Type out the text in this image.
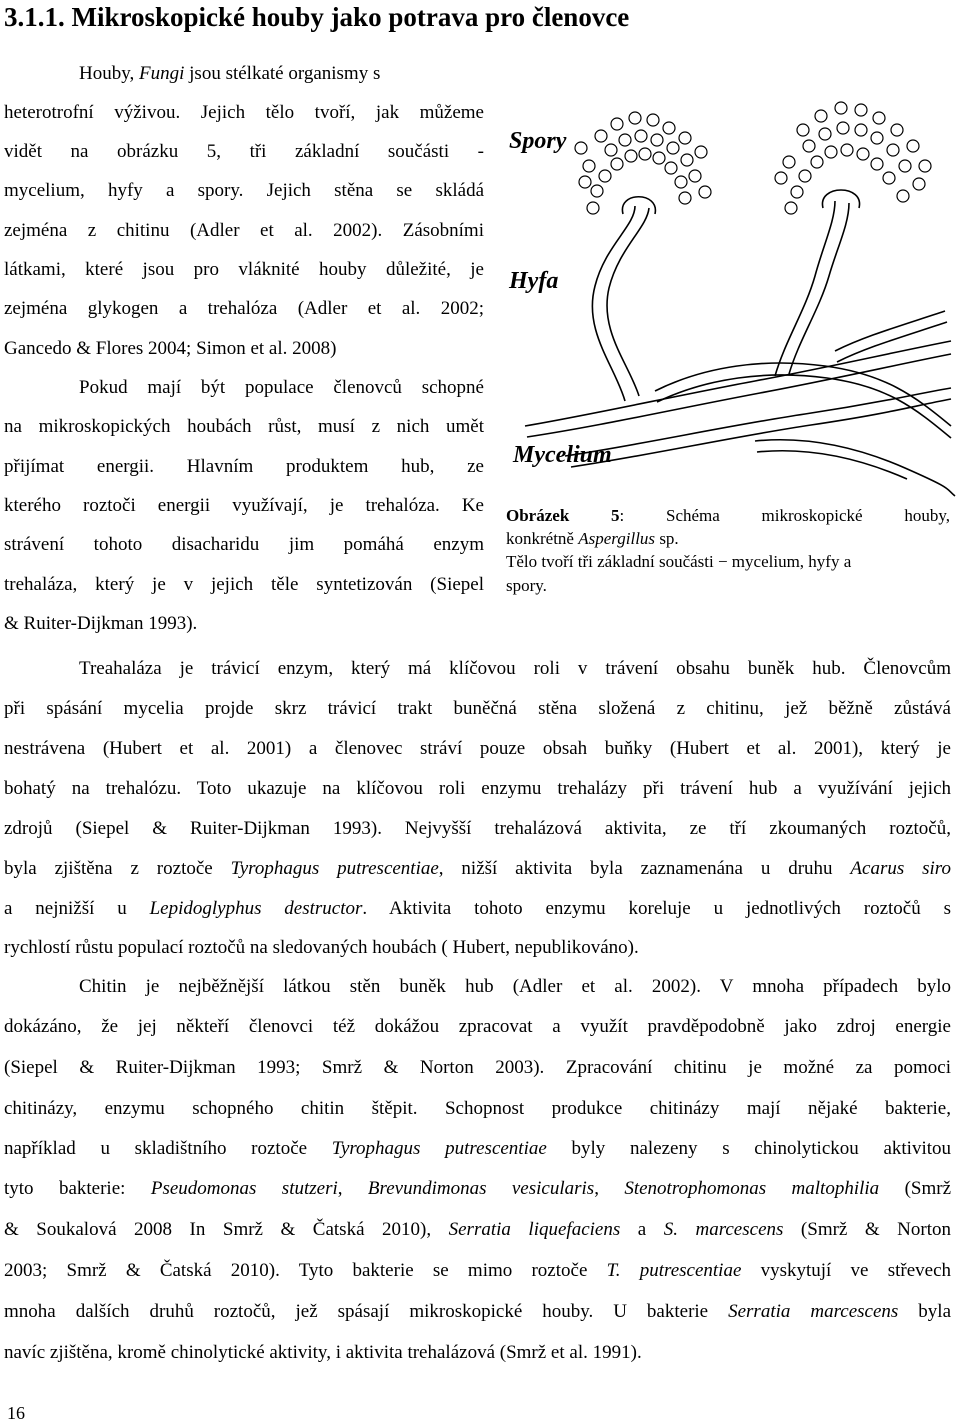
3.1.1. Mikroskopické houby jako potrava pro členovce

Houby, Fungi jsou stélkaté organismy s

heterotrofní výživou. Jejich tělo tvoří, jak můžeme

vidět na obrázku 5, tři základní součásti -

mycelium, hyfy a spory. Jejich stěna se skládá

zejména z chitinu (Adler et al. 2002). Zásobními

látkami, které jsou pro vláknité houby důležité, je

zejména glykogen a trehalóza (Adler et al. 2002;

Gancedo & Flores 2004; Simon et al. 2008)

Pokud mají být populace členovců schopné

na mikroskopických houbách růst, musí z nich umět

přijímat energii. Hlavním produktem hub, ze

kterého roztoči energii využívají, je trehalóza. Ke

strávení tohoto disacharidu jim pomáhá enzym

trehaláza, který je v jejich těle syntetizován (Siepel

& Ruiter-Dijkman 1993).

Spory
Hyfa
Mycelium

Obrázek 5: Schéma mikroskopické houby,

konkrétně Aspergillus sp.

Tělo tvoří tři základní součásti − mycelium, hyfy a

spory.

Treahaláza je trávicí enzym, který má klíčovou roli v trávení obsahu buněk hub. Členovcům

při spásání mycelia projde skrz trávicí trakt buněčná stěna složená z chitinu, jež běžně zůstává

nestrávena (Hubert et al. 2001) a členovec stráví pouze obsah buňky (Hubert et al. 2001), který je

bohatý na trehalózu. Toto ukazuje na klíčovou roli enzymu trehalázy při trávení hub a využívání jejich

zdrojů (Siepel & Ruiter-Dijkman 1993). Nejvyšší trehalázová aktivita, ze tří zkoumaných roztočů,

byla zjištěna z roztoče Tyrophagus putrescentiae, nižší aktivita byla zaznamenána u druhu Acarus siro

a nejnižší u Lepidoglyphus destructor. Aktivita tohoto enzymu koreluje u jednotlivých roztočů s

rychlostí růstu populací roztočů na sledovaných houbách ( Hubert, nepublikováno).

Chitin je nejběžnější látkou stěn buněk hub (Adler et al. 2002). V mnoha případech bylo

dokázáno, že jej někteří členovci též dokážou zpracovat a využít pravděpodobně jako zdroj energie

(Siepel & Ruiter-Dijkman 1993; Smrž & Norton 2003). Zpracování chitinu je možné za pomoci

chitinázy, enzymu schopného chitin štěpit. Schopnost produkce chitinázy mají nějaké bakterie,

například u skladištního roztoče Tyrophagus putrescentiae byly nalezeny s chinolytickou aktivitou

tyto bakterie: Pseudomonas stutzeri, Brevundimonas vesicularis, Stenotrophomonas maltophilia (Smrž

& Soukalová 2008 In Smrž & Čatská 2010), Serratia liquefaciens a S. marcescens (Smrž & Norton

2003; Smrž & Čatská 2010). Tyto bakterie se mimo roztoče T. putrescentiae vyskytují ve střevech

mnoha dalších druhů roztočů, jež spásají mikroskopické houby. U bakterie Serratia marcescens byla

navíc zjištěna, kromě chinolytické aktivity, i aktivita trehalázová (Smrž et al. 1991).

16
